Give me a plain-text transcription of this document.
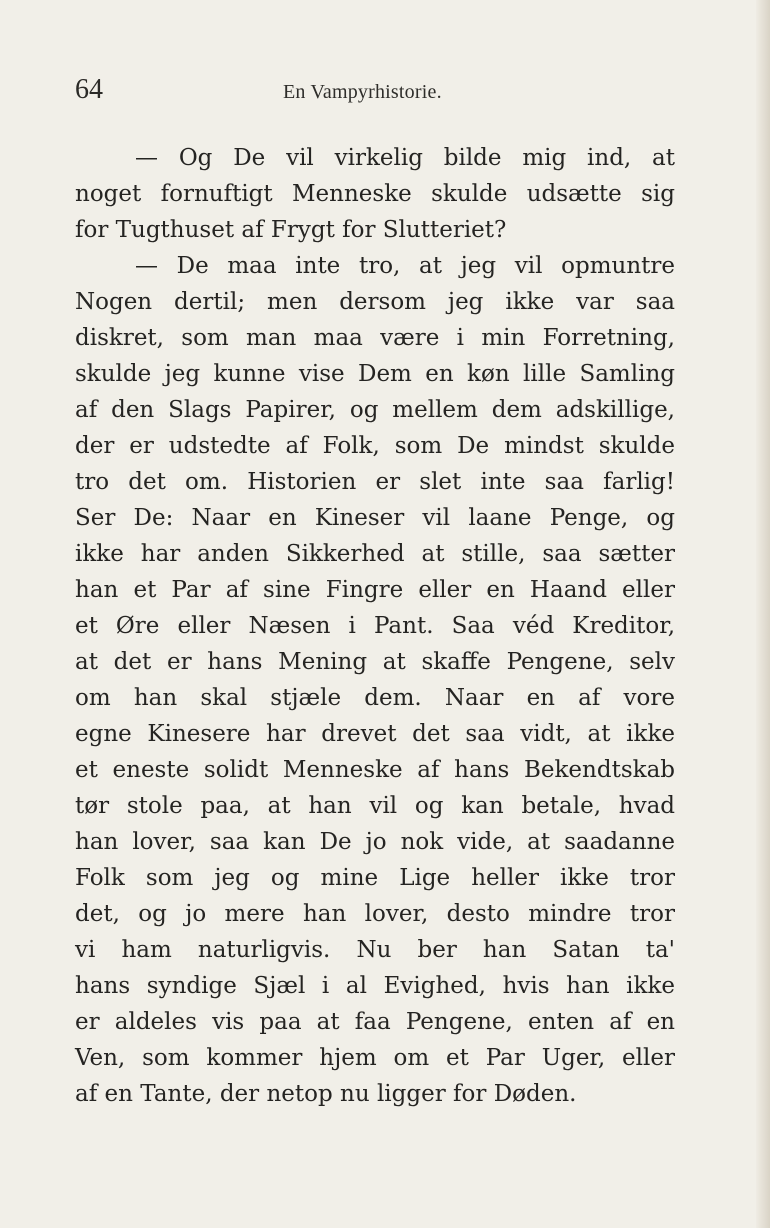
64	En Vampyrhistorie.
— Og De vil virkelig bilde mig ind, at
noget fornuftigt Menneske skulde udsætte sig
for Tugthuset af Frygt for Slutteriet?
— De maa inte tro, at jeg vil opmuntre
Nogen dertil; men dersom jeg ikke var saa
diskret, som man maa være i min Forretning,
skulde jeg kunne vise Dem en køn lille Samling
af den Slags Papirer, og mellem dem adskillige,
der er udstedte af Folk, som De mindst skulde
tro det om. Historien er slet inte saa farlig!
Ser De: Naar en Kineser vil laane Penge, og
ikke har anden Sikkerhed at stille, saa sætter
han et Par af sine Fingre eller en Haand eller
et Øre eller Næsen i Pant. Saa véd Kreditor,
at det er hans Mening at skaffe Pengene, selv
om han skal stjæle dem. Naar en af vore
egne Kinesere har drevet det saa vidt, at ikke
et eneste solidt Menneske af hans Bekendtskab
tør stole paa, at han vil og kan betale, hvad
han lover, saa kan De jo nok vide, at saadanne
Folk som jeg og mine Lige heller ikke tror
det, og jo mere han lover, desto mindre tror
vi ham naturligvis. Nu ber han Satan ta'
hans syndige Sjæl i al Evighed, hvis han ikke
er aldeles vis paa at faa Pengene, enten af en
Ven, som kommer hjem om et Par Uger, eller
af en Tante, der netop nu ligger for Døden.
